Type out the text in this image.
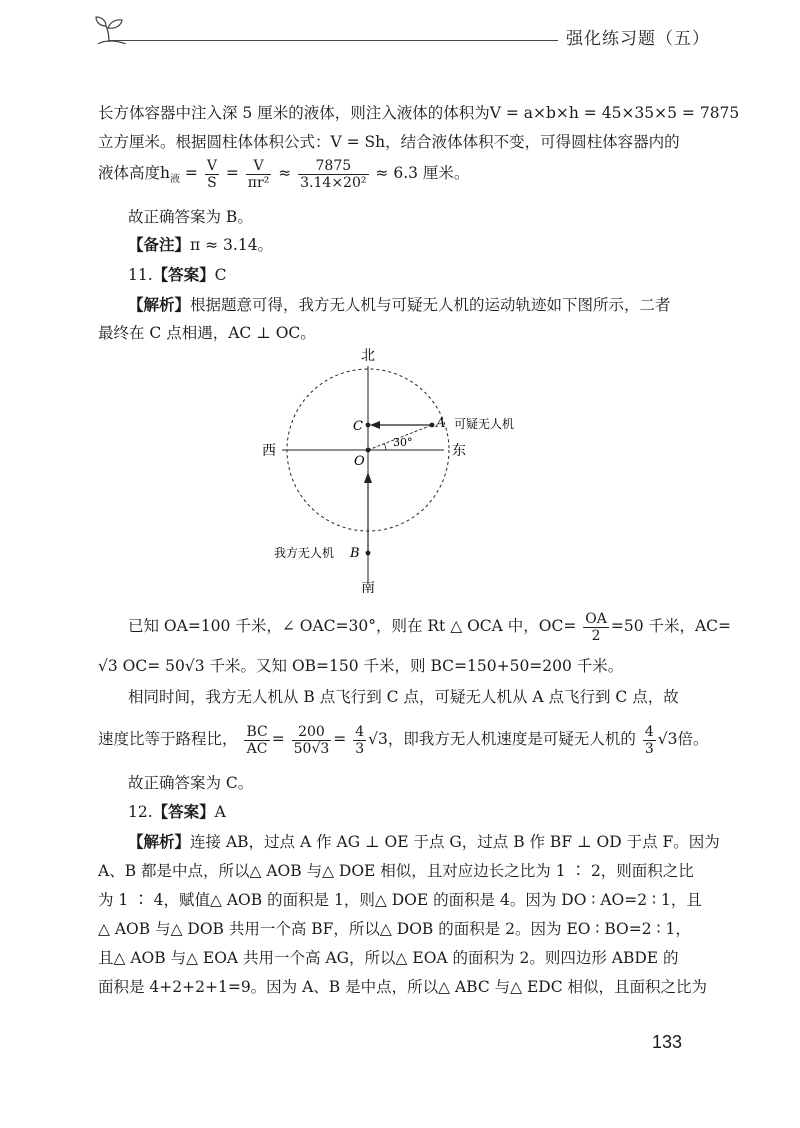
强化练习题（五）
长方体容器中注入深 5 厘米的液体，则注入液体的体积为V = a×b×h = 45×35×5 = 7875
立方厘米。根据圆柱体体积公式：V = Sh，结合液体体积不变，可得圆柱体容器内的
液体高度$h_液 = \frac{V}{S} = \frac{V}{\text{πr²}} \approx \frac{7875}{\text{3.14×20²}} \approx 6.3$ 厘米。
故正确答案为 B。
【备注】π ≈ 3.14。
11.【答案】C
【解析】根据题意可得，我方无人机与可疑无人机的运动轨迹如下图所示，二者
最终在 C 点相遇，AC ⊥ OC。
北
南
西	东
C
O
A
30°
可疑无人机
我方无人机 B
已知 OA=100 千米，∠ OAC=30°，则在 Rt △ OCA 中，$OC= \frac{OA}{2} =50$ 千米，AC=
√3 OC= 50√3 千米。又知 OB=150 千米，则 BC=150+50=200 千米。
相同时间，我方无人机从 B 点飞行到 C 点，可疑无人机从 A 点飞行到 C 点，故
速度比等于路程比， $\frac{BC}{AC} = \frac{200}{50√3} = \frac{4}{3} √3$，即我方无人机速度是可疑无人机的 $\frac{4}{3} √3$倍。
故正确答案为 C。
12.【答案】A
【解析】连接 AB，过点 A 作 AG ⊥ OE 于点 G，过点 B 作 BF ⊥ OD 于点 F。因为
A、B 都是中点，所以△ AOB 与△ DOE 相似，且对应边长之比为 1 ∶ 2，则面积之比
为 1 ∶ 4，赋值△ AOB 的面积是 1，则△ DOE 的面积是 4。因为 DO ∶ AO=2 ∶ 1，且
△ AOB 与△ DOB 共用一个高 BF，所以△ DOB 的面积是 2。因为 EO ∶ BO=2 ∶ 1，
且△ AOB 与△ EOA 共用一个高 AG，所以△ EOA 的面积为 2。则四边形 ABDE 的
面积是 4+2+2+1=9。因为 A、B 是中点，所以△ ABC 与△ EDC 相似，且面积之比为
133
